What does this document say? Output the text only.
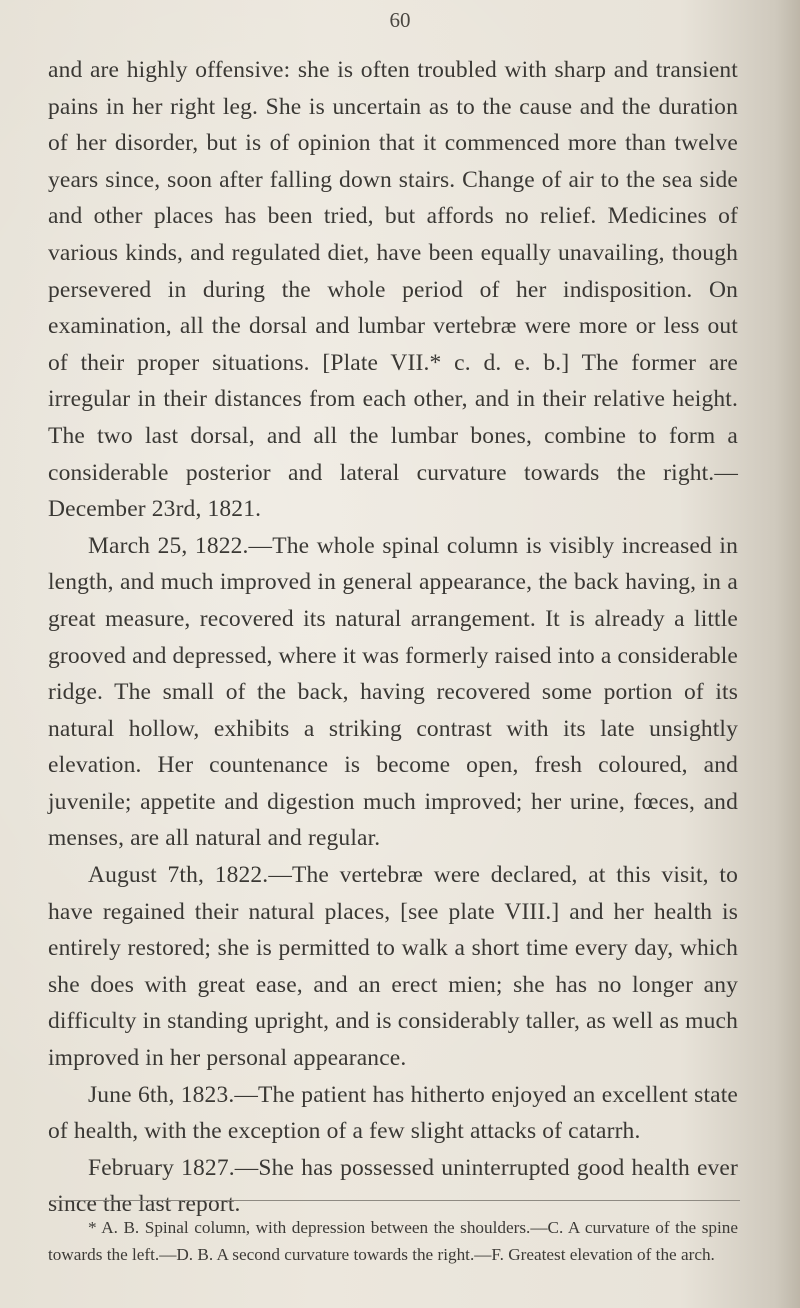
60

and are highly offensive: she is often troubled with sharp and transient pains in her right leg. She is uncertain as to the cause and the duration of her disorder, but is of opinion that it commenced more than twelve years since, soon after falling down stairs. Change of air to the sea side and other places has been tried, but affords no relief. Medicines of various kinds, and regulated diet, have been equally unavailing, though persevered in during the whole period of her indisposition. On examination, all the dorsal and lumbar vertebræ were more or less out of their proper situations. [Plate VII.* c. d. e. b.] The former are irregular in their distances from each other, and in their relative height. The two last dorsal, and all the lumbar bones, combine to form a considerable posterior and lateral curvature towards the right.— December 23rd, 1821.

March 25, 1822.—The whole spinal column is visibly increased in length, and much improved in general appearance, the back having, in a great measure, recovered its natural arrangement. It is already a little grooved and depressed, where it was formerly raised into a considerable ridge. The small of the back, having recovered some portion of its natural hollow, exhibits a striking contrast with its late unsightly elevation. Her countenance is become open, fresh coloured, and juvenile; appetite and digestion much improved; her urine, fœces, and menses, are all natural and regular.

August 7th, 1822.—The vertebræ were declared, at this visit, to have regained their natural places, [see plate VIII.] and her health is entirely restored; she is permitted to walk a short time every day, which she does with great ease, and an erect mien; she has no longer any difficulty in standing upright, and is considerably taller, as well as much improved in her personal appearance.

June 6th, 1823.—The patient has hitherto enjoyed an excellent state of health, with the exception of a few slight attacks of catarrh.

February 1827.—She has possessed uninterrupted good health ever since the last report.

* A. B. Spinal column, with depression between the shoulders.—C. A curvature of the spine towards the left.—D. B. A second curvature towards the right.—F. Greatest elevation of the arch.
